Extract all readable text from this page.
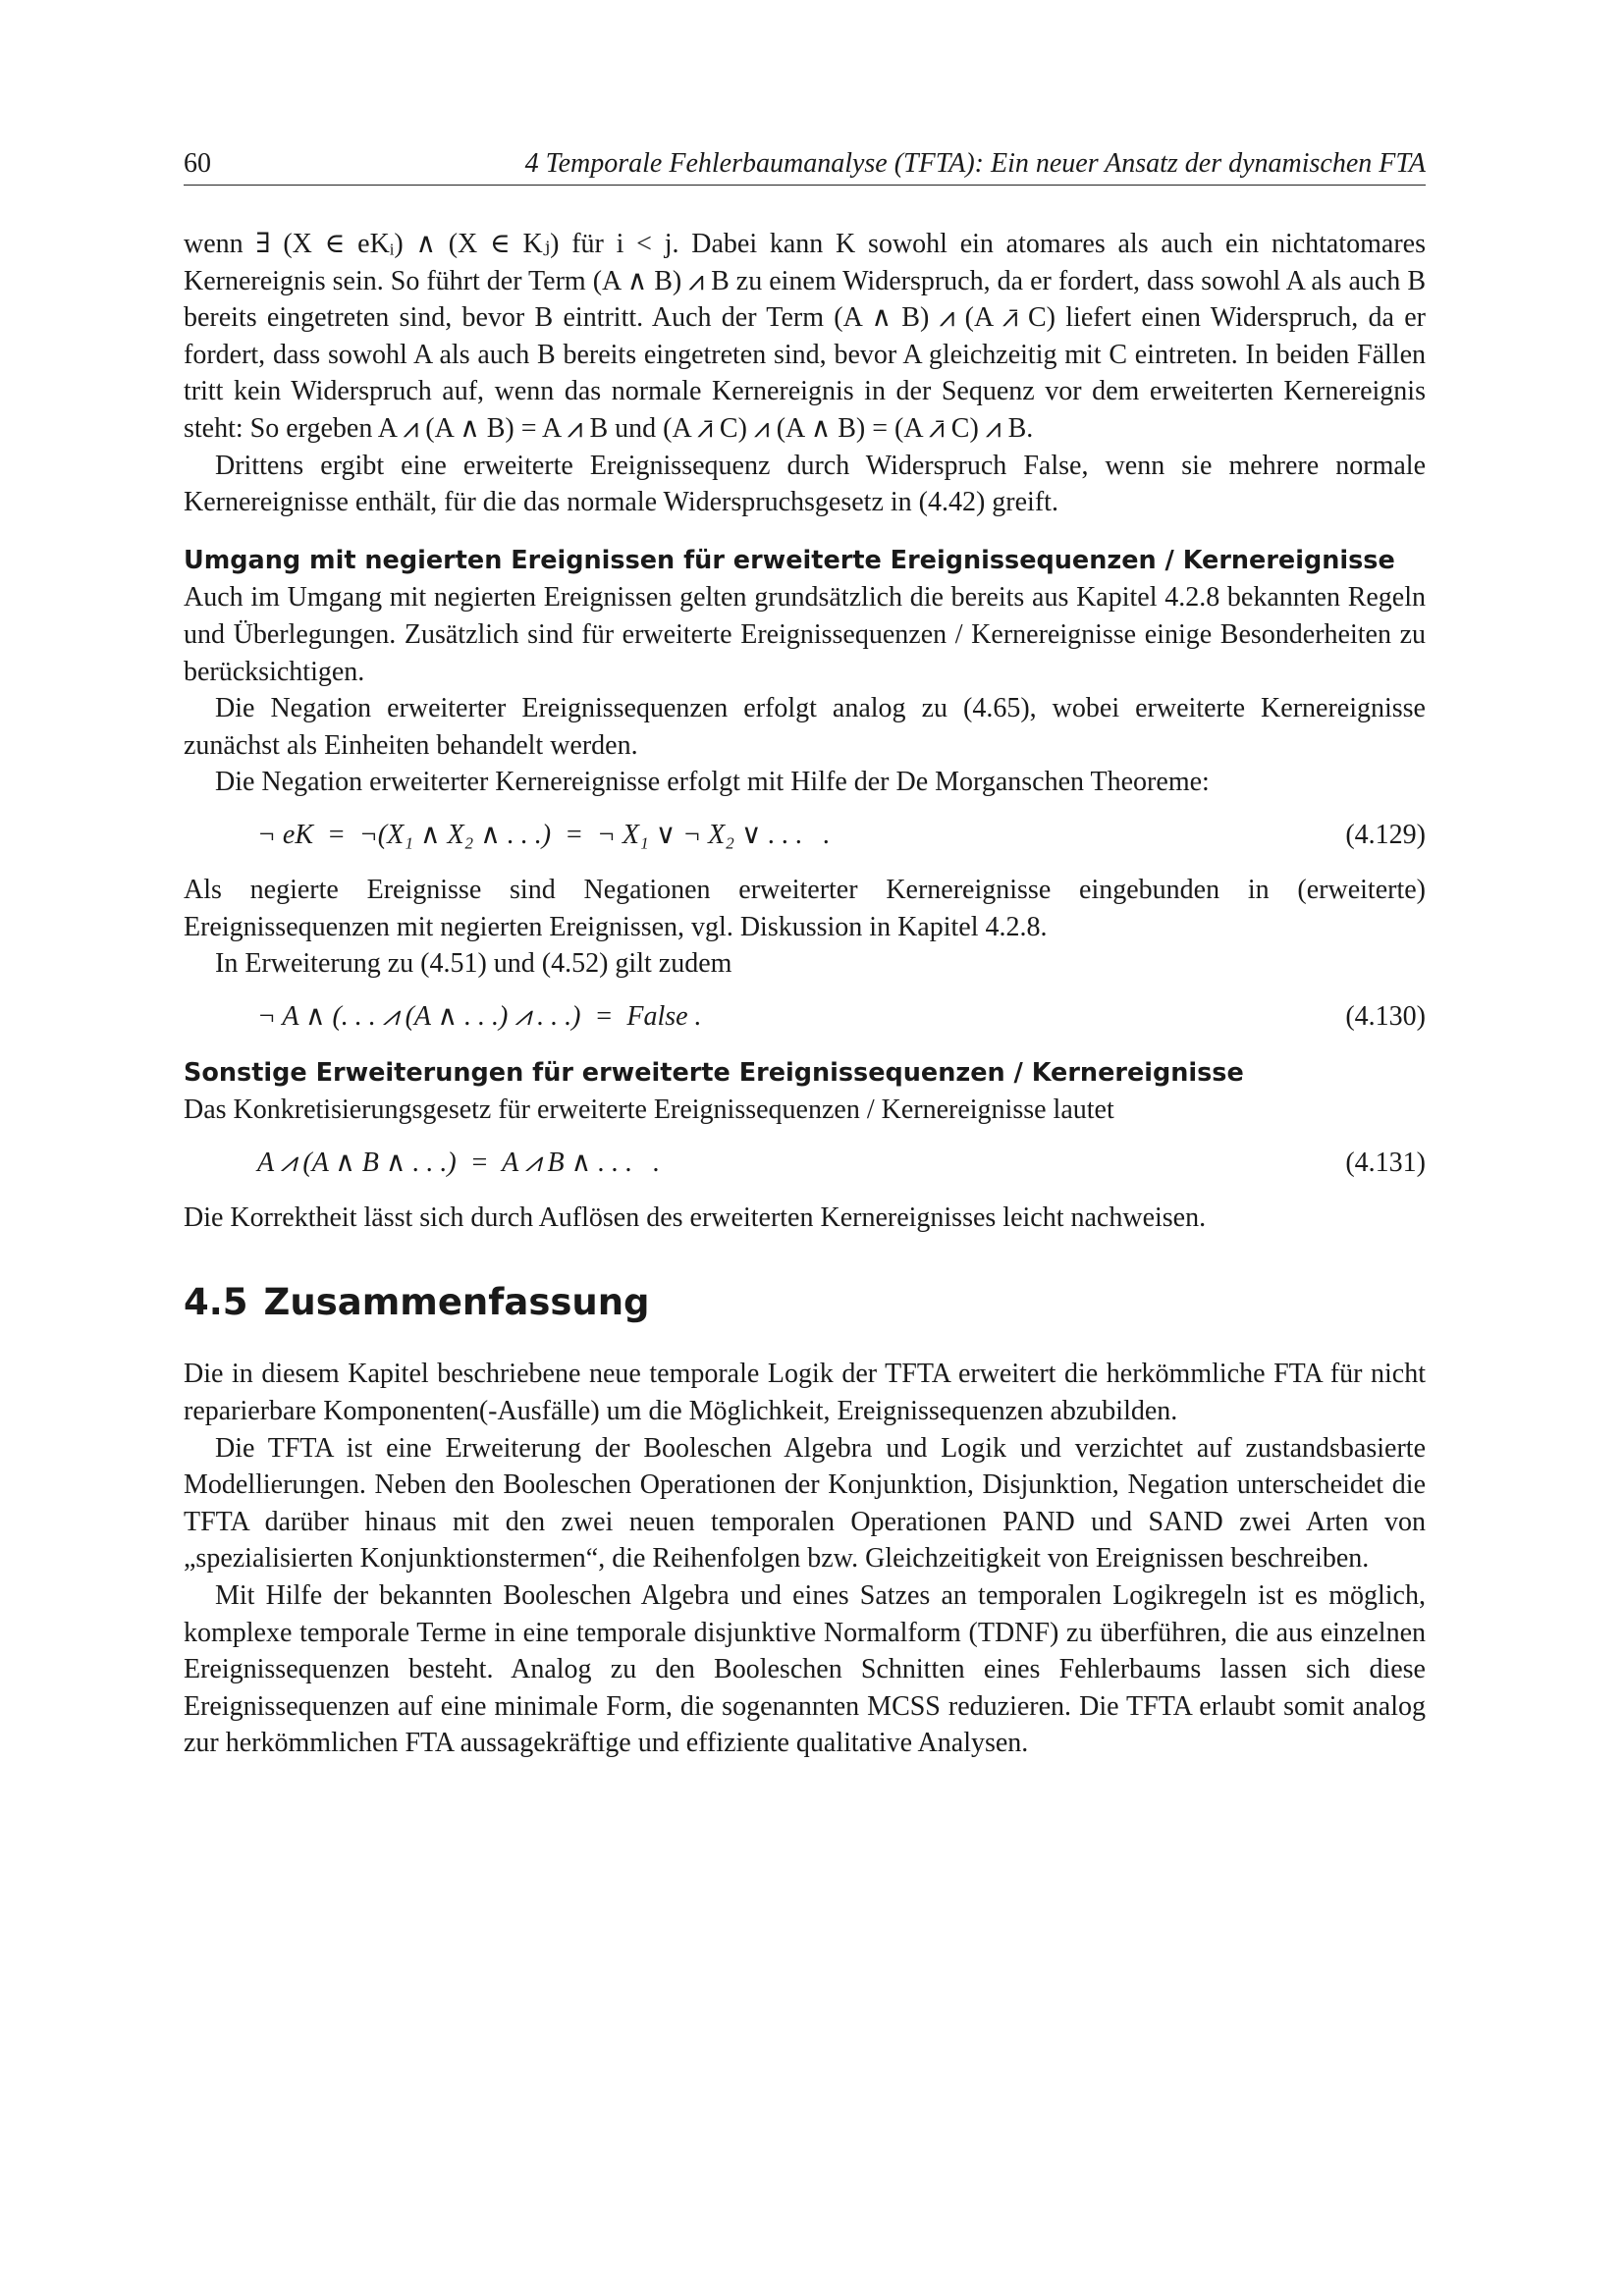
60	4 Temporale Fehlerbaumanalyse (TFTA): Ein neuer Ansatz der dynamischen FTA

wenn ∃ (X ∈ eKᵢ) ∧ (X ∈ Kⱼ) für i < j. Dabei kann K sowohl ein atomares als auch ein nichtatomares Kernereignis sein. So führt der Term (A ∧ B) ⩘ B zu einem Widerspruch, da er fordert, dass sowohl A als auch B bereits eingetreten sind, bevor B eintritt. Auch der Term (A ∧ B) ⩘ (A ⩘̄ C) liefert einen Widerspruch, da er fordert, dass sowohl A als auch B bereits eingetreten sind, bevor A gleichzeitig mit C eintreten. In beiden Fällen tritt kein Widerspruch auf, wenn das normale Kernereignis in der Sequenz vor dem erweiterten Kernereignis steht: So ergeben A ⩘ (A ∧ B) = A ⩘ B und (A ⩘̄ C) ⩘ (A ∧ B) = (A ⩘̄ C) ⩘ B.

Drittens ergibt eine erweiterte Ereignissequenz durch Widerspruch False, wenn sie mehrere normale Kernereignisse enthält, für die das normale Widerspruchsgesetz in (4.42) greift.

Umgang mit negierten Ereignissen für erweiterte Ereignissequenzen / Kernereignisse

Auch im Umgang mit negierten Ereignissen gelten grundsätzlich die bereits aus Kapitel 4.2.8 bekannten Regeln und Überlegungen. Zusätzlich sind für erweiterte Ereignissequenzen / Kernereignisse einige Besonderheiten zu berücksichtigen.

Die Negation erweiterter Ereignissequenzen erfolgt analog zu (4.65), wobei erweiterte Kernereignisse zunächst als Einheiten behandelt werden.

Die Negation erweiterter Kernereignisse erfolgt mit Hilfe der De Morganschen Theoreme:

¬ eK  =  ¬(X₁ ∧ X₂ ∧ . . .)  =  ¬ X₁ ∨ ¬ X₂ ∨ . . .   .	(4.129)

Als negierte Ereignisse sind Negationen erweiterter Kernereignisse eingebunden in (erweiterte) Ereignissequenzen mit negierten Ereignissen, vgl. Diskussion in Kapitel 4.2.8.

In Erweiterung zu (4.51) und (4.52) gilt zudem

¬ A ∧ (. . . ⩘ (A ∧ . . .) ⩘ . . .)  =  False .	(4.130)
Sonstige Erweiterungen für erweiterte Ereignissequenzen / Kernereignisse

Das Konkretisierungsgesetz für erweiterte Ereignissequenzen / Kernereignisse lautet

A ⩘ (A ∧ B ∧ . . .)  =  A ⩘ B ∧ . . .   .	(4.131)

Die Korrektheit lässt sich durch Auflösen des erweiterten Kernereignisses leicht nachweisen.

4.5 Zusammenfassung

Die in diesem Kapitel beschriebene neue temporale Logik der TFTA erweitert die herkömmliche FTA für nicht reparierbare Komponenten(-Ausfälle) um die Möglichkeit, Ereignissequenzen abzubilden.

Die TFTA ist eine Erweiterung der Booleschen Algebra und Logik und verzichtet auf zustandsbasierte Modellierungen. Neben den Booleschen Operationen der Konjunktion, Disjunktion, Negation unterscheidet die TFTA darüber hinaus mit den zwei neuen temporalen Operationen PAND und SAND zwei Arten von „spezialisierten Konjunktionstermen“, die Reihenfolgen bzw. Gleichzeitigkeit von Ereignissen beschreiben.

Mit Hilfe der bekannten Booleschen Algebra und eines Satzes an temporalen Logikregeln ist es möglich, komplexe temporale Terme in eine temporale disjunktive Normalform (TDNF) zu überführen, die aus einzelnen Ereignissequenzen besteht. Analog zu den Booleschen Schnitten eines Fehlerbaums lassen sich diese Ereignissequenzen auf eine minimale Form, die sogenannten MCSS reduzieren. Die TFTA erlaubt somit analog zur herkömmlichen FTA aussagekräftige und effiziente qualitative Analysen.
